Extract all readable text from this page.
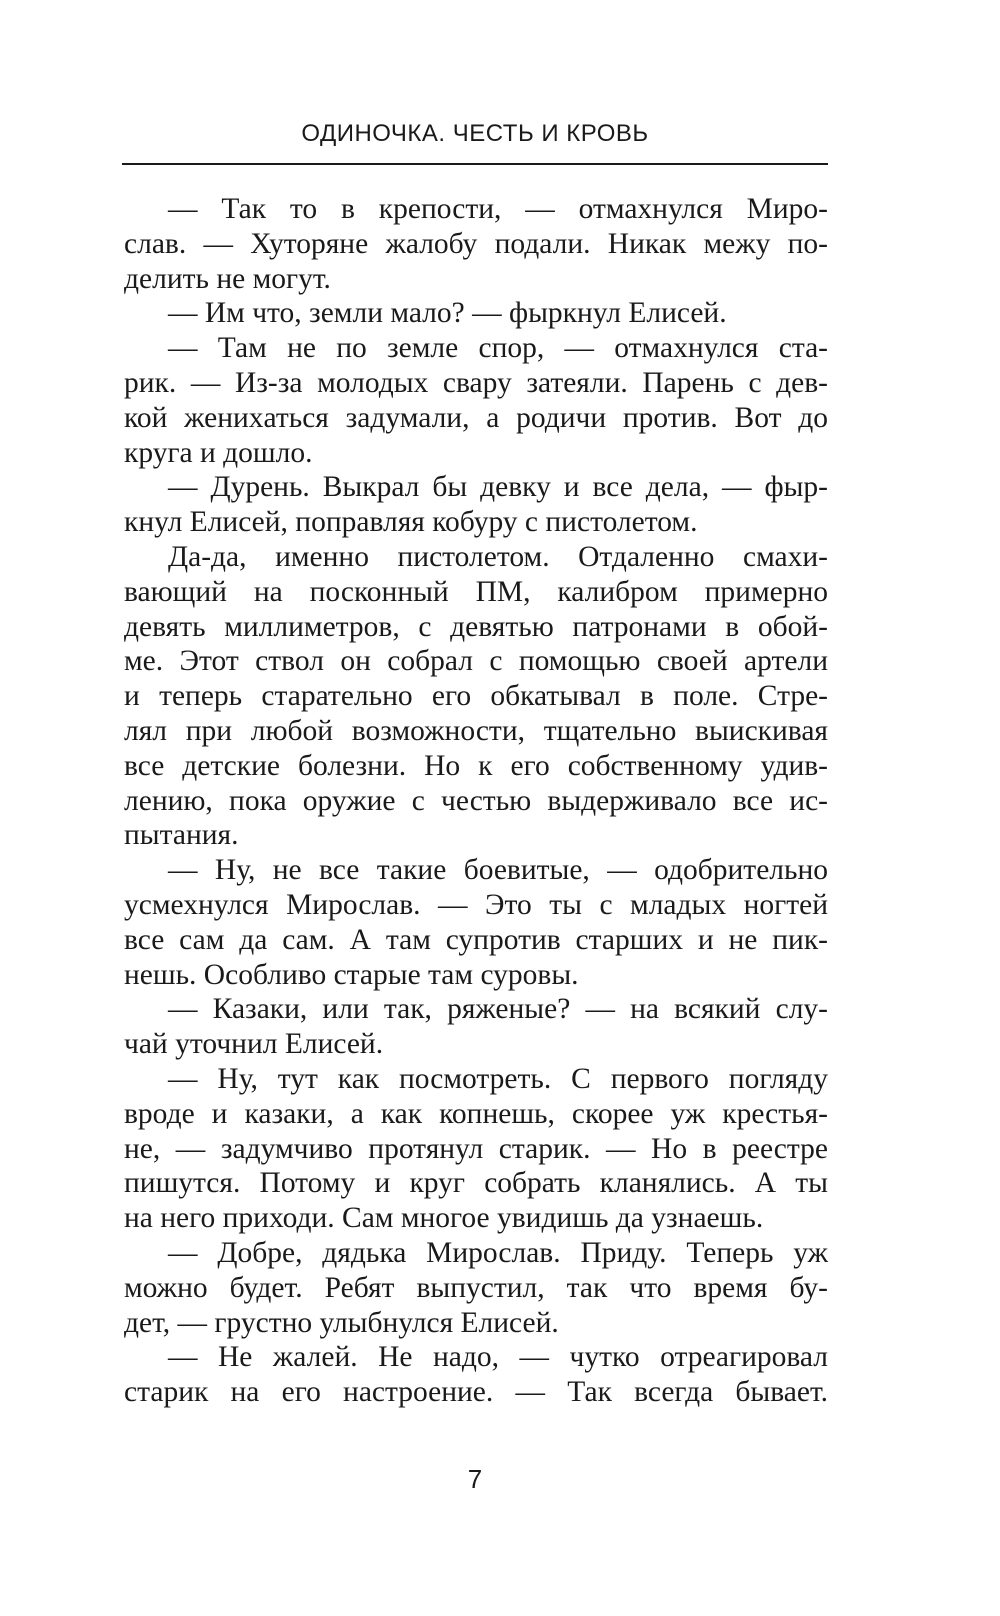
ОДИНОЧКА. ЧЕСТЬ И КРОВЬ
— Так то в крепости, — отмахнулся Миро-
слав. — Хуторяне жалобу подали. Никак межу по-
делить не могут.
— Им что, земли мало? — фыркнул Елисей.
— Там не по земле спор, — отмахнулся ста-
рик. — Из-за молодых свару затеяли. Парень с дев-
кой жениxаться задумали, а родичи против. Вот до
круга и дошло.
— Дурень. Выкрал бы девку и все дела, — фыр-
кнул Елисей, поправляя кобуру с пистолетом.
Да-да, именно пистолетом. Отдаленно смахи-
вающий на посконный ПМ, калибром примерно
девять миллиметров, с девятью патронами в обой-
ме. Этот ствол он собрал с помощью своей артели
и теперь старательно его обкатывал в поле. Стре-
лял при любой возможности, тщательно выискивая
все детские болезни. Но к его собственному удив-
лению, пока оружие с честью выдерживало все ис-
пытания.
— Ну, не все такие боевитые, — одобрительно
усмехнулся Мирослав. — Это ты с младых ногтей
все сам да сам. А там супротив старших и не пик-
нешь. Особливо старые там суровы.
— Казаки, или так, ряженые? — на всякий слу-
чай уточнил Елисей.
— Ну, тут как посмотреть. С первого погляду
вроде и казаки, а как копнешь, скорее уж крестья-
не, — задумчиво протянул старик. — Но в реестре
пишутся. Потому и круг собрать кланялись. А ты
на него приходи. Сам многое увидишь да узнаешь.
— Добре, дядька Мирослав. Приду. Теперь уж
можно будет. Ребят выпустил, так что время бу-
дет, — грустно улыбнулся Елисей.
— Не жалей. Не надо, — чутко отреагировал
старик на его настроение. — Так всегда бывает.
7
